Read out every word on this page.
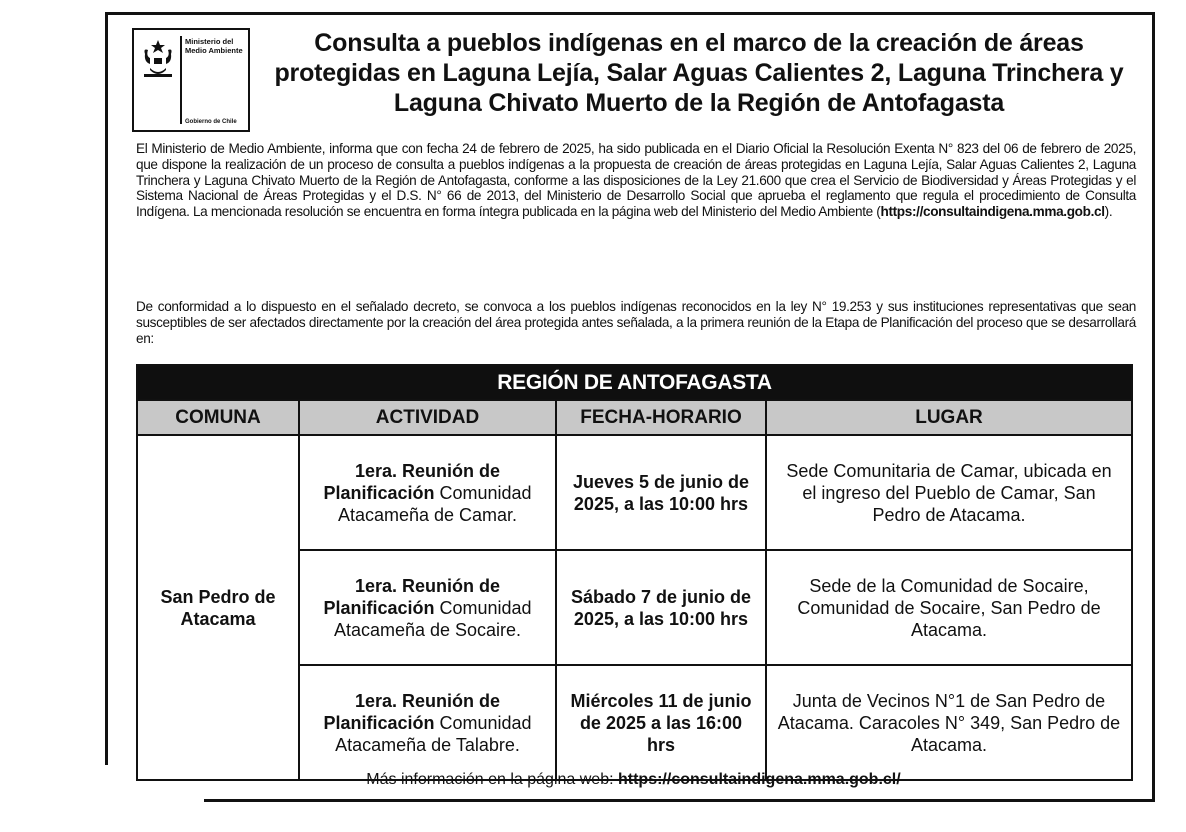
Ministerio del Medio Ambiente
Gobierno de Chile
Consulta a pueblos indígenas en el marco de la creación de áreas protegidas en Laguna Lejía, Salar Aguas Calientes 2, Laguna Trinchera y Laguna Chivato Muerto de la Región de Antofagasta
El Ministerio de Medio Ambiente, informa que con fecha 24 de febrero de 2025, ha sido publicada en el Diario Oficial la Resolución Exenta N° 823 del 06 de febrero de 2025, que dispone la realización de un proceso de consulta a pueblos indígenas a la propuesta de creación de áreas protegidas en Laguna Lejía, Salar Aguas Calientes 2, Laguna Trinchera y Laguna Chivato Muerto de la Región de Antofagasta, conforme a las disposiciones de la Ley 21.600 que crea el Servicio de Biodiversidad y Áreas Protegidas y el Sistema Nacional de Áreas Protegidas y el D.S. N° 66 de 2013, del Ministerio de Desarrollo Social que aprueba el reglamento que regula el procedimiento de Consulta Indígena. La mencionada resolución se encuentra en forma íntegra publicada en la página web del Ministerio del Medio Ambiente (https://consultaindigena.mma.gob.cl).
De conformidad a lo dispuesto en el señalado decreto, se convoca a los pueblos indígenas reconocidos en la ley N° 19.253 y sus instituciones representativas que sean susceptibles de ser afectados directamente por la creación del área protegida antes señalada, a la primera reunión de la Etapa de Planificación del proceso que se desarrollará en:
REGIÓN DE ANTOFAGASTA			
COMUNA	ACTIVIDAD	FECHA-HORARIO	LUGAR
San Pedro de Atacama	1era. Reunión de Planificación Comunidad Atacameña de Camar.	Jueves 5 de junio de 2025, a las 10:00 hrs	Sede Comunitaria de Camar, ubicada en el ingreso del Pueblo de Camar, San Pedro de Atacama.
	1era. Reunión de Planificación Comunidad Atacameña de Socaire.	Sábado 7 de junio de 2025, a las 10:00 hrs	Sede de la Comunidad de Socaire, Comunidad de Socaire, San Pedro de Atacama.
	1era. Reunión de Planificación Comunidad Atacameña de Talabre.	Miércoles 11 de junio de 2025 a las 16:00 hrs	Junta de Vecinos N°1 de San Pedro de Atacama. Caracoles N° 349, San Pedro de Atacama.
Más información en la página web: https://consultaindigena.mma.gob.cl/
